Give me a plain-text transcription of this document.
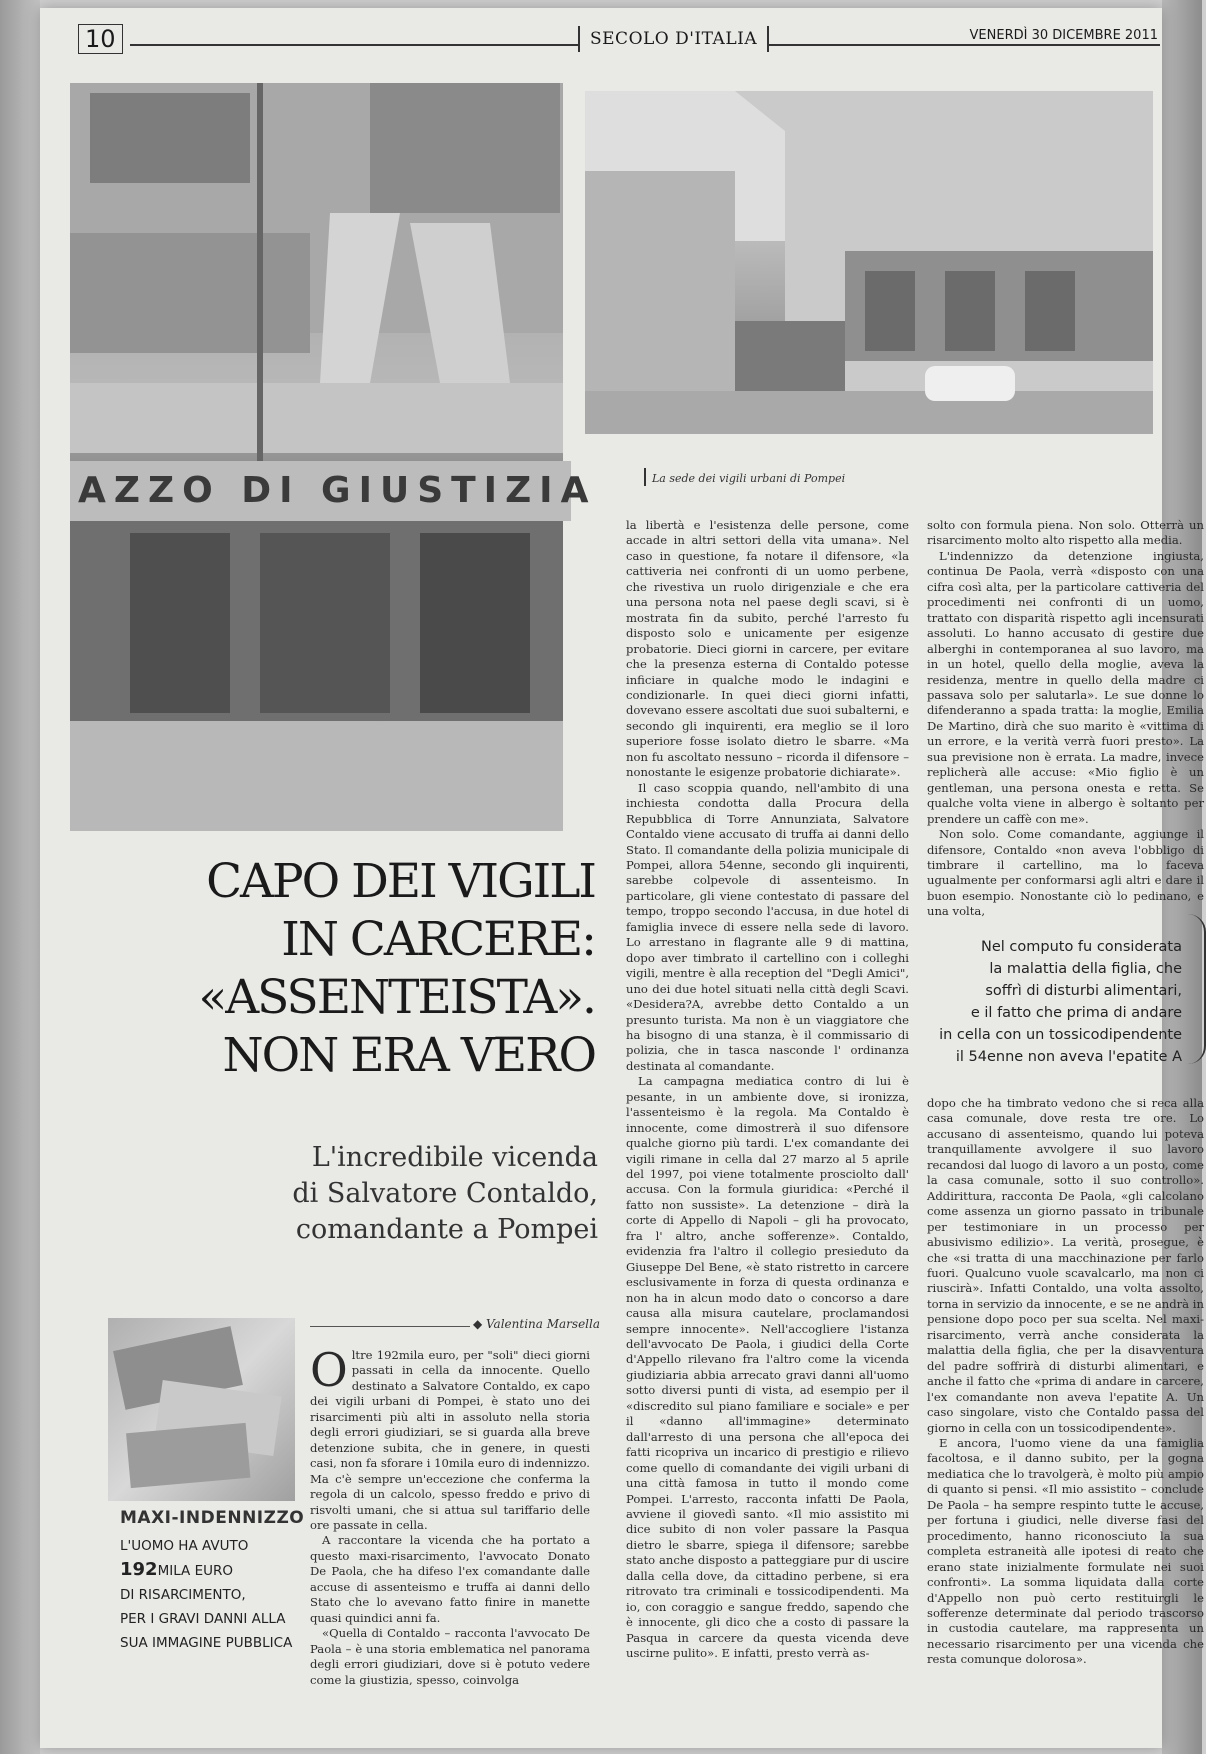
10	SECOLO D'ITALIA	VENERDÌ 30 DICEMBRE 2011
AZZO DI GIUSTIZIA	La sede dei vigili urbani di Pompei
CAPO DEI VIGILI
IN CARCERE:
«ASSENTEISTA».
NON ERA VERO
L'incredibile vicenda
di Salvatore Contaldo,
comandante a Pompei
◆ Valentina Marsella
MAXI-INDENNIZZO
L'UOMO HA AVUTO
192MILA EURO
DI RISARCIMENTO,
PER I GRAVI DANNI ALLA
SUA IMMAGINE PUBBLICA

Oltre 192mila euro, per "soli" dieci giorni passati in cella da innocente. Quello destinato a Salvatore Contaldo, ex capo dei vigili urbani di Pompei, è stato uno dei risarcimenti più alti in assoluto nella storia degli errori giudiziari, se si guarda alla breve detenzione subita, che in genere, in questi casi, non fa sforare i 10mila euro di indennizzo. Ma c'è sempre un'eccezione che conferma la regola di un calcolo, spesso freddo e privo di risvolti umani, che si attua sul tariffario delle ore passate in cella.

A raccontare la vicenda che ha portato a questo maxi-risarcimento, l'avvocato Donato De Paola, che ha difeso l'ex comandante dalle accuse di assenteismo e truffa ai danni dello Stato che lo avevano fatto finire in manette quasi quindici anni fa.

«Quella di Contaldo – racconta l'avvocato De Paola – è una storia emblematica nel panorama degli errori giudiziari, dove si è potuto vedere come la giustizia, spesso, coinvolga

la libertà e l'esistenza delle persone, come accade in altri settori della vita umana». Nel caso in questione, fa notare il difensore, «la cattiveria nei confronti di un uomo perbene, che rivestiva un ruolo dirigenziale e che era una persona nota nel paese degli scavi, si è mostrata fin da subito, perché l'arresto fu disposto solo e unicamente per esigenze probatorie. Dieci giorni in carcere, per evitare che la presenza esterna di Contaldo potesse inficiare in qualche modo le indagini e condizionarle. In quei dieci giorni infatti, dovevano essere ascoltati due suoi subalterni, e secondo gli inquirenti, era meglio se il loro superiore fosse isolato dietro le sbarre. «Ma non fu ascoltato nessuno – ricorda il difensore – nonostante le esigenze probatorie dichiarate».

Il caso scoppia quando, nell'ambito di una inchiesta condotta dalla Procura della Repubblica di Torre Annunziata, Salvatore Contaldo viene accusato di truffa ai danni dello Stato. Il comandante della polizia municipale di Pompei, allora 54enne, secondo gli inquirenti, sarebbe colpevole di assenteismo. In particolare, gli viene contestato di passare del tempo, troppo secondo l'accusa, in due hotel di famiglia invece di essere nella sede di lavoro. Lo arrestano in flagrante alle 9 di mattina, dopo aver timbrato il cartellino con i colleghi vigili, mentre è alla reception del "Degli Amici", uno dei due hotel situati nella città degli Scavi. «Desidera?A, avrebbe detto Contaldo a un presunto turista. Ma non è un viaggiatore che ha bisogno di una stanza, è il commissario di polizia, che in tasca nasconde l' ordinanza destinata al comandante.

La campagna mediatica contro di lui è pesante, in un ambiente dove, si ironizza, l'assenteismo è la regola. Ma Contaldo è innocente, come dimostrerà il suo difensore qualche giorno più tardi. L'ex comandante dei vigili rimane in cella dal 27 marzo al 5 aprile del 1997, poi viene totalmente prosciolto dall' accusa. Con la formula giuridica: «Perché il fatto non sussiste». La detenzione – dirà la corte di Appello di Napoli – gli ha provocato, fra l' altro, anche sofferenze». Contaldo, evidenzia fra l'altro il collegio presieduto da Giuseppe Del Bene, «è stato ristretto in carcere esclusivamente in forza di questa ordinanza e non ha in alcun modo dato o concorso a dare causa alla misura cautelare, proclamandosi sempre innocente». Nell'accogliere l'istanza dell'avvocato De Paola, i giudici della Corte d'Appello rilevano fra l'altro come la vicenda giudiziaria abbia arrecato gravi danni all'uomo sotto diversi punti di vista, ad esempio per il «discredito sul piano familiare e sociale» e per il «danno all'immagine» determinato dall'arresto di una persona che all'epoca dei fatti ricopriva un incarico di prestigio e rilievo come quello di comandante dei vigili urbani di una città famosa in tutto il mondo come Pompei. L'arresto, racconta infatti De Paola, avviene il giovedì santo. «Il mio assistito mi dice subito di non voler passare la Pasqua dietro le sbarre, spiega il difensore; sarebbe stato anche disposto a patteggiare pur di uscire dalla cella dove, da cittadino perbene, si era ritrovato tra criminali e tossicodipendenti. Ma io, con coraggio e sangue freddo, sapendo che è innocente, gli dico che a costo di passare la Pasqua in carcere da questa vicenda deve uscirne pulito». E infatti, presto verrà as-

solto con formula piena. Non solo. Otterrà un risarcimento molto alto rispetto alla media.

L'indennizzo da detenzione ingiusta, continua De Paola, verrà «disposto con una cifra così alta, per la particolare cattiveria del procedimenti nei confronti di un uomo, trattato con disparità rispetto agli incensurati assoluti. Lo hanno accusato di gestire due alberghi in contemporanea al suo lavoro, ma in un hotel, quello della moglie, aveva la residenza, mentre in quello della madre ci passava solo per salutarla». Le sue donne lo difenderanno a spada tratta: la moglie, Emilia De Martino, dirà che suo marito è «vittima di un errore, e la verità verrà fuori presto». La sua previsione non è errata. La madre, invece replicherà alle accuse: «Mio figlio è un gentleman, una persona onesta e retta. Se qualche volta viene in albergo è soltanto per prendere un caffè con me».

Non solo. Come comandante, aggiunge il difensore, Contaldo «non aveva l'obbligo di timbrare il cartellino, ma lo faceva ugualmente per conformarsi agli altri e dare il buon esempio. Nonostante ciò lo pedinano, e una volta,

Nel computo fu considerata
la malattia della figlia, che
soffrì di disturbi alimentari,
e il fatto che prima di andare
in cella con un tossicodipendente
il 54enne non aveva l'epatite A

dopo che ha timbrato vedono che si reca alla casa comunale, dove resta tre ore. Lo accusano di assenteismo, quando lui poteva tranquillamente avvolgere il suo lavoro recandosi dal luogo di lavoro a un posto, come la casa comunale, sotto il suo controllo». Addirittura, racconta De Paola, «gli calcolano come assenza un giorno passato in tribunale per testimoniare in un processo per abusivismo edilizio». La verità, prosegue, è che «si tratta di una macchinazione per farlo fuori. Qualcuno vuole scavalcarlo, ma non ci riuscirà». Infatti Contaldo, una volta assolto, torna in servizio da innocente, e se ne andrà in pensione dopo poco per sua scelta. Nel maxi-risarcimento, verrà anche considerata la malattia della figlia, che per la disavventura del padre soffrirà di disturbi alimentari, e anche il fatto che «prima di andare in carcere, l'ex comandante non aveva l'epatite A. Un caso singolare, visto che Contaldo passa del giorno in cella con un tossicodipendente».

E ancora, l'uomo viene da una famiglia facoltosa, e il danno subito, per la gogna mediatica che lo travolgerà, è molto più ampio di quanto si pensi. «Il mio assistito – conclude De Paola – ha sempre respinto tutte le accuse, per fortuna i giudici, nelle diverse fasi del procedimento, hanno riconosciuto la sua completa estraneità alle ipotesi di reato che erano state inizialmente formulate nei suoi confronti». La somma liquidata dalla corte d'Appello non può certo restituirgli le sofferenze determinate dal periodo trascorso in custodia cautelare, ma rappresenta un necessario risarcimento per una vicenda che resta comunque dolorosa».
